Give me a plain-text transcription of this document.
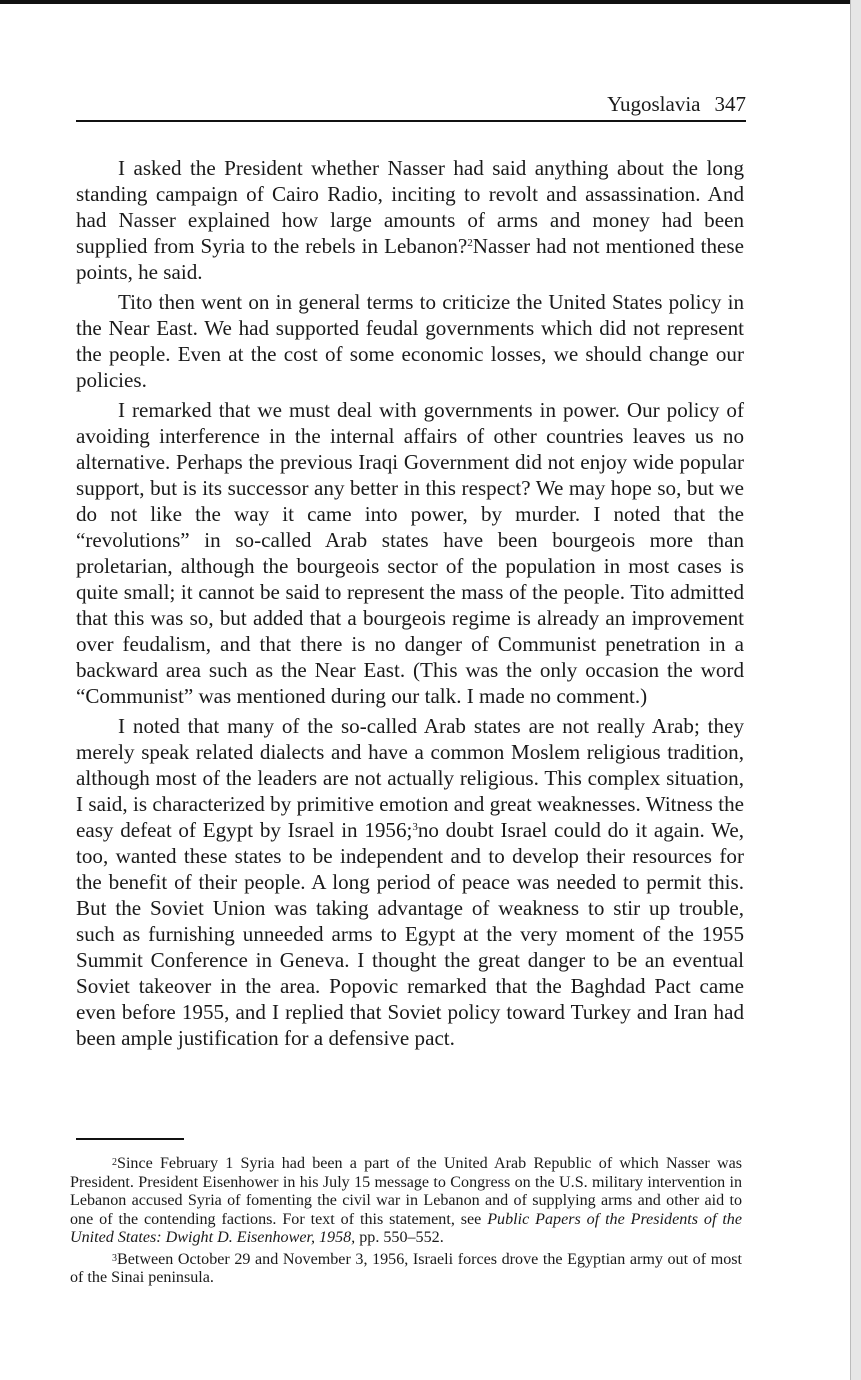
Yugoslavia 347

I asked the President whether Nasser had said anything about the long standing campaign of Cairo Radio, inciting to revolt and assassination. And had Nasser explained how large amounts of arms and money had been supplied from Syria to the rebels in Lebanon?$^2$Nasser had not mentioned these points, he said.

Tito then went on in general terms to criticize the United States policy in the Near East. We had supported feudal governments which did not represent the people. Even at the cost of some economic losses, we should change our policies.

I remarked that we must deal with governments in power. Our policy of avoiding interference in the internal affairs of other countries leaves us no alternative. Perhaps the previous Iraqi Government did not enjoy wide popular support, but is its successor any better in this respect? We may hope so, but we do not like the way it came into power, by murder. I noted that the “revolutions” in so-called Arab states have been bourgeois more than proletarian, although the bourgeois sector of the population in most cases is quite small; it cannot be said to represent the mass of the people. Tito admitted that this was so, but added that a bourgeois regime is already an improvement over feudalism, and that there is no danger of Communist penetration in a backward area such as the Near East. (This was the only occasion the word “Communist” was mentioned during our talk. I made no comment.)

I noted that many of the so-called Arab states are not really Arab; they merely speak related dialects and have a common Moslem religious tradition, although most of the leaders are not actually religious. This complex situation, I said, is characterized by primitive emotion and great weaknesses. Witness the easy defeat of Egypt by Israel in 1956;$^3$no doubt Israel could do it again. We, too, wanted these states to be independent and to develop their resources for the benefit of their people. A long period of peace was needed to permit this. But the Soviet Union was taking advantage of weakness to stir up trouble, such as furnishing unneeded arms to Egypt at the very moment of the 1955 Summit Conference in Geneva. I thought the great danger to be an eventual Soviet takeover in the area. Popovic remarked that the Baghdad Pact came even before 1955, and I replied that Soviet policy toward Turkey and Iran had been ample justification for a defensive pact.

$^2$Since February 1 Syria had been a part of the United Arab Republic of which Nasser was President. President Eisenhower in his July 15 message to Congress on the U.S. military intervention in Lebanon accused Syria of fomenting the civil war in Lebanon and of supplying arms and other aid to one of the contending factions. For text of this statement, see Public Papers of the Presidents of the United States: Dwight D. Eisenhower, 1958, pp. 550–552.

$^3$Between October 29 and November 3, 1956, Israeli forces drove the Egyptian army out of most of the Sinai peninsula.
